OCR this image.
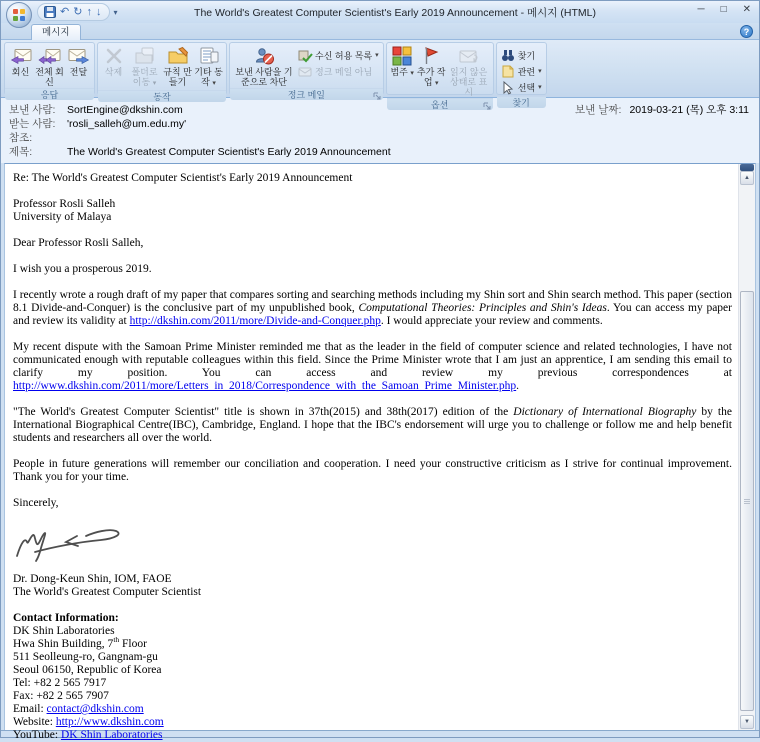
↶ ↻ ↑ ↓ ▾	The World's Greatest Computer Scientist's Early 2019 Announcement - 메시지 (HTML)	─ □ ✕
메시지	?
회신 전체 회신
전달
응답
삭제	폴더로 이동 ▾
규칙 만들기
기타 동작 ▾
동작
보낸 사람을 기준으로 차단
수신 허용 목록 ▾
정크 메일 아님
정크 메일
범주 ▾ 추가 작업 ▾
읽지 않은 상태로 표시
옵션
찾기
관련 ▾
선택 ▾
찾기
보낸 사람:	SortEngine@dkshin.com	보낸 날짜: 2019-03-21 (목) 오후 3:11
받는 사람:	'rosli_salleh@um.edu.my'
참조:
제목:	The World's Greatest Computer Scientist's Early 2019 Announcement

Re: The World's Greatest Computer Scientist's Early 2019 Announcement

Professor Rosli Salleh
University of Malaya

Dear Professor Rosli Salleh,

I wish you a prosperous 2019.

I recently wrote a rough draft of my paper that compares sorting and searching methods including my Shin sort and Shin search method. This paper (section 8.1 Divide-and-Conquer) is the conclusive part of my unpublished book, Computational Theories: Principles and Shin's Ideas. You can access my paper and review its validity at http://dkshin.com/2011/more/Divide-and-Conquer.php. I would appreciate your review and comments.

My recent dispute with the Samoan Prime Minister reminded me that as the leader in the field of computer science and related technologies, I have not communicated enough with reputable colleagues within this field. Since the Prime Minister wrote that I am just an apprentice, I am sending this email to clarify my position. You can access and review my previous correspondences at http://www.dkshin.com/2011/more/Letters_in_2018/Correspondence_with_the_Samoan_Prime_Minister.php.

"The World's Greatest Computer Scientist" title is shown in 37th(2015) and 38th(2017) edition of the Dictionary of International Biography by the International Biographical Centre(IBC), Cambridge, England. I hope that the IBC's endorsement will urge you to challenge or follow me and help benefit students and researchers all over the world.

People in future generations will remember our conciliation and cooperation. I need your constructive criticism as I strive for continual improvement. Thank you for your time.

Sincerely,

Dr. Dong-Keun Shin, IOM, FAOE
The World's Greatest Computer Scientist

Contact Information:
DK Shin Laboratories
Hwa Shin Building, 7th Floor
511 Seolleung-ro, Gangnam-gu
Seoul 06150, Republic of Korea
Tel: +82 2 565 7917
Fax: +82 2 565 7907
Email: contact@dkshin.com
Website: http://www.dkshin.com
YouTube: DK Shin Laboratories

▲
▼
